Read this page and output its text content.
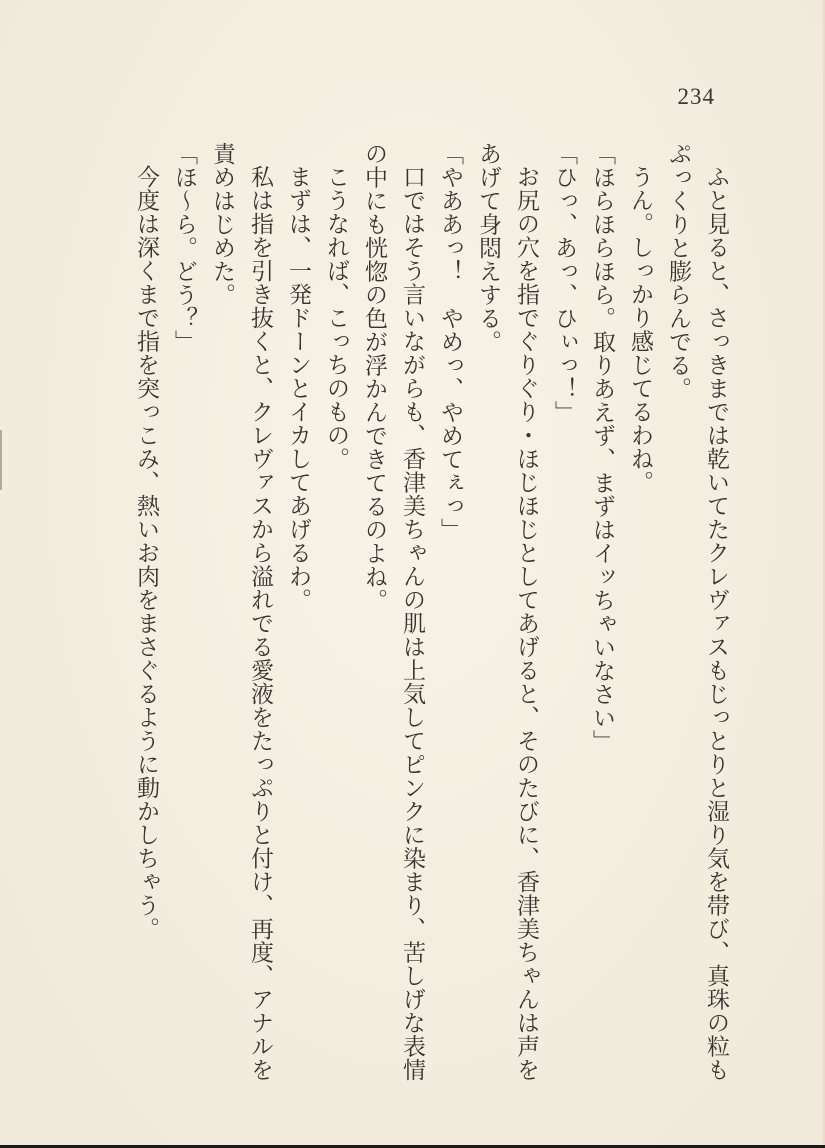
234

ふと見ると、さっきまでは乾いてたクレヴァスもじっとりと湿り気を帯び、真珠の粒もぷっくりと膨らんでる。

うん。しっかり感じてるわね。

「ほらほらほら。取りあえず、まずはイッちゃいなさい」

「ひっ、あっ、ひぃっ！」

お尻の穴を指でぐりぐり・ほじほじとしてあげると、そのたびに、香津美ちゃんは声をあげて身悶えする。

「やああっ！　やめっ、やめてぇっ」

口ではそう言いながらも、香津美ちゃんの肌は上気してピンクに染まり、苦しげな表情の中にも恍惚の色が浮かんできてるのよね。

こうなれば、こっちのもの。

まずは、一発ドーンとイカしてあげるわ。

私は指を引き抜くと、クレヴァスから溢れでる愛液をたっぷりと付け、再度、アナルを責めはじめた。

「ほ〜ら。どう？」

今度は深くまで指を突っこみ、熱いお肉をまさぐるように動かしちゃう。
